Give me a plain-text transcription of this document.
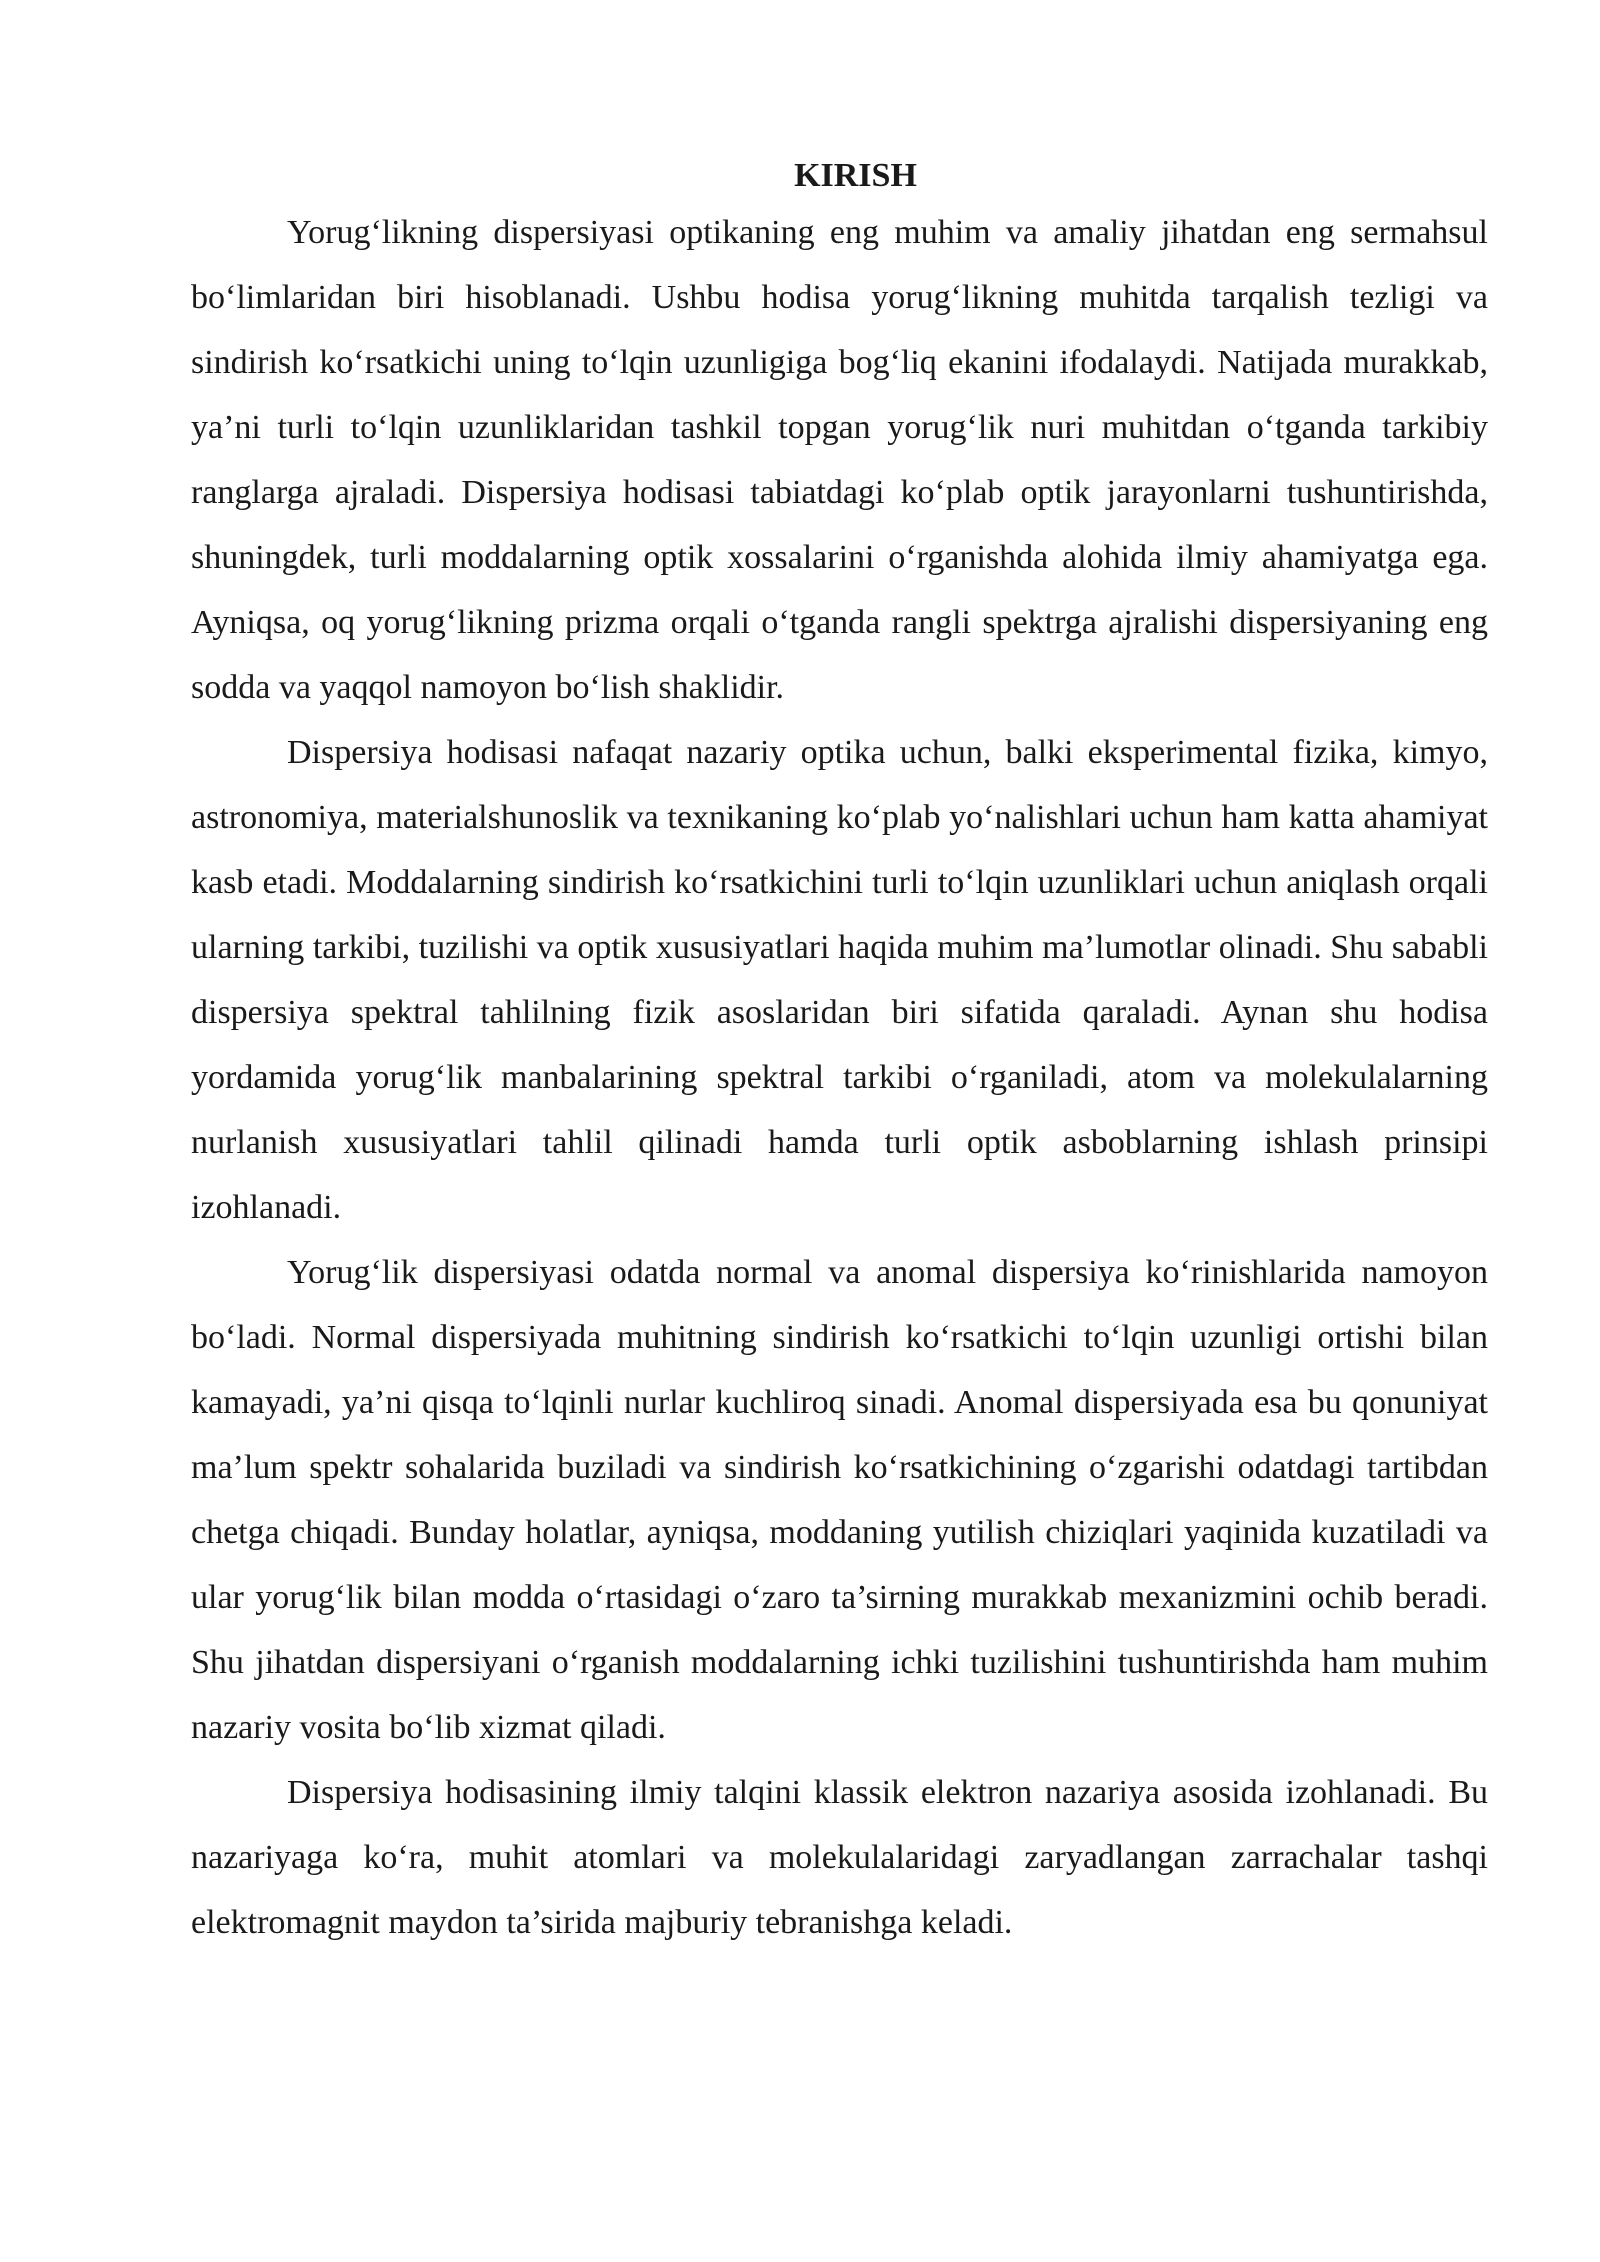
KIRISH

Yorug‘likning dispersiyasi optikaning eng muhim va amaliy jihatdan eng sermahsul bo‘limlaridan biri hisoblanadi. Ushbu hodisa yorug‘likning muhitda tarqalish tezligi va sindirish ko‘rsatkichi uning to‘lqin uzunligiga bog‘liq ekanini ifodalaydi. Natijada murakkab, ya’ni turli to‘lqin uzunliklaridan tashkil topgan yorug‘lik nuri muhitdan o‘tganda tarkibiy ranglarga ajraladi. Dispersiya hodisasi tabiatdagi ko‘plab optik jarayonlarni tushuntirishda, shuningdek, turli moddalarning optik xossalarini o‘rganishda alohida ilmiy ahamiyatga ega. Ayniqsa, oq yorug‘likning prizma orqali o‘tganda rangli spektrga ajralishi dispersiyaning eng sodda va yaqqol namoyon bo‘lish shaklidir.

Dispersiya hodisasi nafaqat nazariy optika uchun, balki eksperimental fizika, kimyo, astronomiya, materialshunoslik va texnikaning ko‘plab yo‘nalishlari uchun ham katta ahamiyat kasb etadi. Moddalarning sindirish ko‘rsatkichini turli to‘lqin uzunliklari uchun aniqlash orqali ularning tarkibi, tuzilishi va optik xususiyatlari haqida muhim ma’lumotlar olinadi. Shu sababli dispersiya spektral tahlilning fizik asoslaridan biri sifatida qaraladi. Aynan shu hodisa yordamida yorug‘lik manbalarining spektral tarkibi o‘rganiladi, atom va molekulalarning nurlanish xususiyatlari tahlil qilinadi hamda turli optik asboblarning ishlash prinsipi izohlanadi.

Yorug‘lik dispersiyasi odatda normal va anomal dispersiya ko‘rinishlarida namoyon bo‘ladi. Normal dispersiyada muhitning sindirish ko‘rsatkichi to‘lqin uzunligi ortishi bilan kamayadi, ya’ni qisqa to‘lqinli nurlar kuchliroq sinadi. Anomal dispersiyada esa bu qonuniyat ma’lum spektr sohalarida buziladi va sindirish ko‘rsatkichining o‘zgarishi odatdagi tartibdan chetga chiqadi. Bunday holatlar, ayniqsa, moddaning yutilish chiziqlari yaqinida kuzatiladi va ular yorug‘lik bilan modda o‘rtasidagi o‘zaro ta’sirning murakkab mexanizmini ochib beradi. Shu jihatdan dispersiyani o‘rganish moddalarning ichki tuzilishini tushuntirishda ham muhim nazariy vosita bo‘lib xizmat qiladi.

Dispersiya hodisasining ilmiy talqini klassik elektron nazariya asosida izohlanadi. Bu nazariyaga ko‘ra, muhit atomlari va molekulalaridagi zaryadlangan zarrachalar tashqi elektromagnit maydon ta’sirida majburiy tebranishga keladi.
